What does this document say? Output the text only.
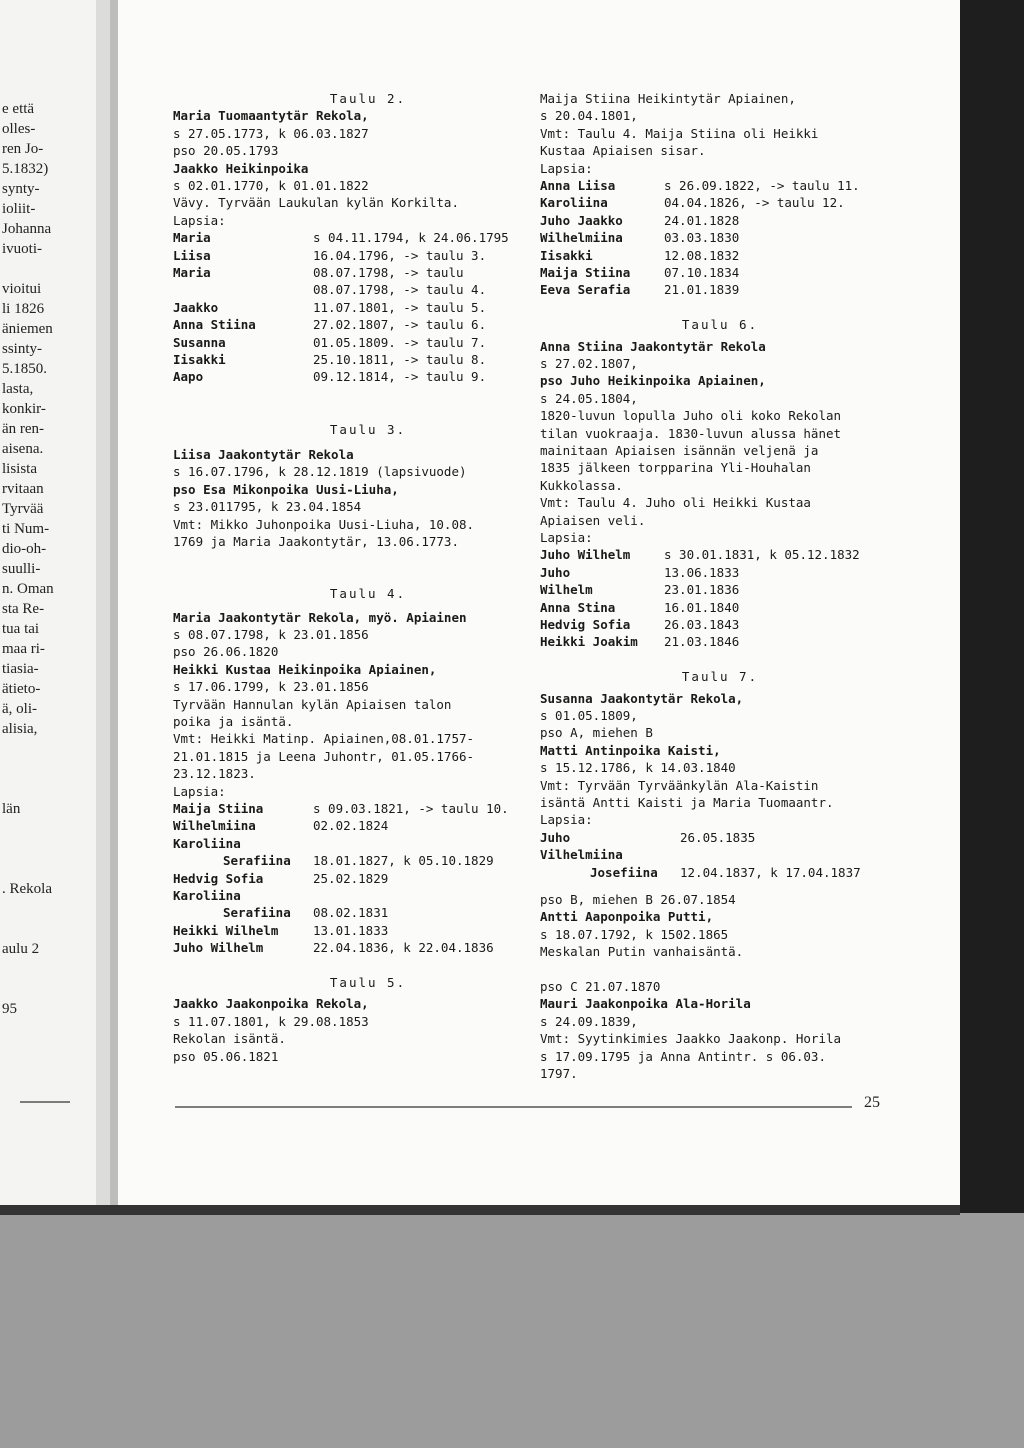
e että
olles-
ren Jo-
5.1832)
synty-
ioliit-
Johanna
ivuoti-
vioitui
li 1826
äniemen
ssinty-
5.1850.
lasta,
konkir-
än ren-
aisena.
lisista
rvitaan
Tyrvää
ti Num-
dio-oh-
suulli-
n. Oman
sta Re-
tua tai
maa ri-
tiasia-
ätieto-
ä, oli-
alisia,
län
. Rekola
aulu 2
95

Taulu 2.

Maria Tuomaantytär Rekola,

s 27.05.1773, k 06.03.1827

pso 20.05.1793

Jaakko Heikinpoika

s 02.01.1770, k 01.01.1822

Vävy. Tyrvään Laukulan kylän Korkilta.

Lapsia:

Maria	s 04.11.1794, k 24.06.1795
Liisa	16.04.1796, -> taulu 3.
Maria	08.07.1798, -> taulu
08.07.1798, -> taulu 4.
Jaakko	11.07.1801, -> taulu 5.
Anna Stiina	27.02.1807, -> taulu 6.
Susanna	01.05.1809. -> taulu 7.
Iisakki	25.10.1811, -> taulu 8.
Aapo	09.12.1814, -> taulu 9.

Taulu 3.

Liisa Jaakontytär Rekola

s 16.07.1796, k 28.12.1819 (lapsivuode)

pso Esa Mikonpoika Uusi-Liuha,

s 23.011795, k 23.04.1854

Vmt: Mikko Juhonpoika Uusi-Liuha, 10.08.

1769 ja Maria Jaakontytär, 13.06.1773.

Taulu 4.

Maria Jaakontytär Rekola, myö. Apiainen

s 08.07.1798, k 23.01.1856

pso 26.06.1820

Heikki Kustaa Heikinpoika Apiainen,

s 17.06.1799, k 23.01.1856

Tyrvään Hannulan kylän Apiaisen talon

poika ja isäntä.

Vmt: Heikki Matinp. Apiainen,08.01.1757-

21.01.1815 ja Leena Juhontr, 01.05.1766-

23.12.1823.

Lapsia:

Maija Stiina	s 09.03.1821, -> taulu 10.
Wilhelmiina	02.02.1824
Karoliina
Serafiina 18.01.1827, k 05.10.1829
Hedvig Sofia	25.02.1829
Karoliina
Serafiina 08.02.1831
Heikki Wilhelm	13.01.1833
Juho Wilhelm	22.04.1836, k 22.04.1836

Taulu 5.

Jaakko Jaakonpoika Rekola,

s 11.07.1801, k 29.08.1853

Rekolan isäntä.

pso 05.06.1821

Maija Stiina Heikintytär Apiainen,

s 20.04.1801,

Vmt: Taulu 4. Maija Stiina oli Heikki

Kustaa Apiaisen sisar.

Lapsia:

Anna Liisa	s 26.09.1822, -> taulu 11.
Karoliina	04.04.1826, -> taulu 12.
Juho Jaakko	24.01.1828
Wilhelmiina	03.03.1830
Iisakki	12.08.1832
Maija Stiina	07.10.1834
Eeva Serafia	21.01.1839

Taulu 6.

Anna Stiina Jaakontytär Rekola

s 27.02.1807,

pso Juho Heikinpoika Apiainen,

s 24.05.1804,

1820-luvun lopulla Juho oli koko Rekolan

tilan vuokraaja. 1830-luvun alussa hänet

mainitaan Apiaisen isännän veljenä ja

1835 jälkeen torpparina Yli-Houhalan

Kukkolassa.

Vmt: Taulu 4. Juho oli Heikki Kustaa

Apiaisen veli.

Lapsia:

Juho Wilhelm	s 30.01.1831, k 05.12.1832
Juho	13.06.1833
Wilhelm	23.01.1836
Anna Stina	16.01.1840
Hedvig Sofia	26.03.1843
Heikki Joakim 21.03.1846

Taulu 7.

Susanna Jaakontytär Rekola,

s 01.05.1809,

pso A, miehen B

Matti Antinpoika Kaisti,

s 15.12.1786, k 14.03.1840

Vmt: Tyrvään Tyrväänkylän Ala-Kaistin

isäntä Antti Kaisti ja Maria Tuomaantr.

Lapsia:

Juho	26.05.1835
Vilhelmiina
Josefiina 12.04.1837, k 17.04.1837

pso B, miehen B 26.07.1854

Antti Aaponpoika Putti,

s 18.07.1792, k 1502.1865

Meskalan Putin vanhaisäntä.

pso C 21.07.1870

Mauri Jaakonpoika Ala-Horila

s 24.09.1839,

Vmt: Syytinkimies Jaakko Jaakonp. Horila

s 17.09.1795 ja Anna Antintr. s 06.03.

1797.

25
